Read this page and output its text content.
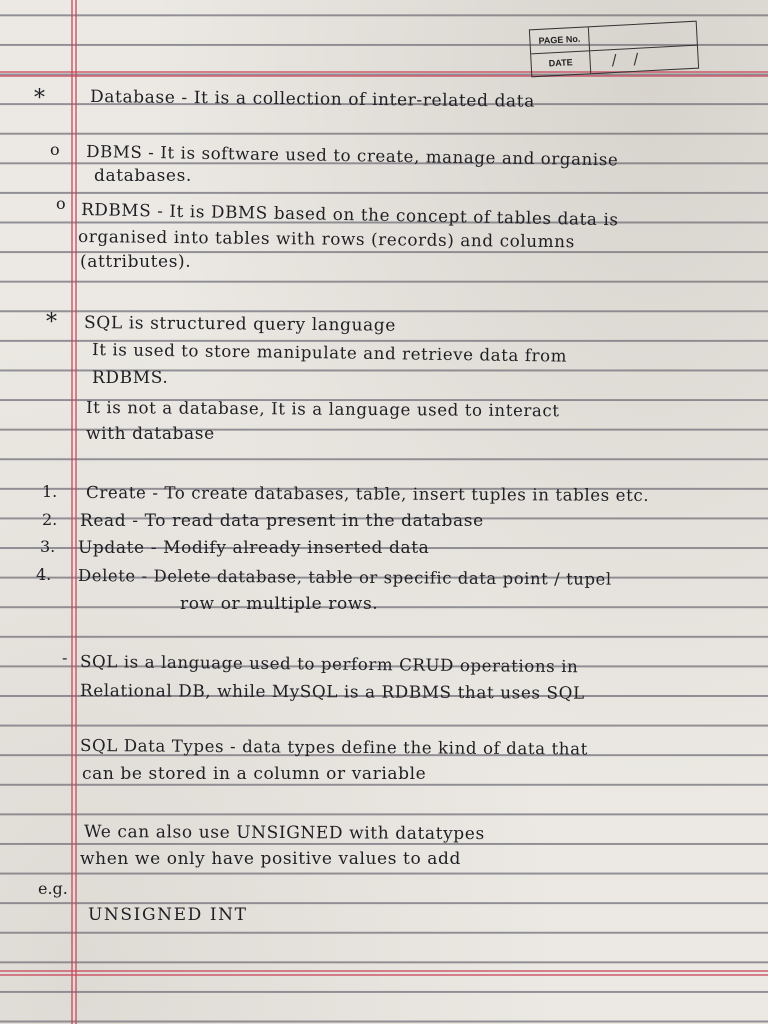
PAGE No.
DATE	/ /
*	Database - It is a collection of inter-related data
o DBMS - It is software used to create, manage and organise
databases.
o RDBMS - It is DBMS based on the concept of tables data is
organised into tables with rows (records) and columns
(attributes).
* SQL is structured query language
It is used to store manipulate and retrieve data from
RDBMS.
It is not a database, It is a language used to interact
with database
1. Create - To create databases, table, insert tuples in tables etc.
2. Read - To read data present in the database
3. Update - Modify already inserted data
4. Delete - Delete database, table or specific data point / tupel
row or multiple rows.
- SQL is a language used to perform CRUD operations in
Relational DB, while MySQL is a RDBMS that uses SQL
SQL Data Types - data types define the kind of data that
can be stored in a column or variable
We can also use UNSIGNED with datatypes
when we only have positive values to add
e.g.
UNSIGNED INT
